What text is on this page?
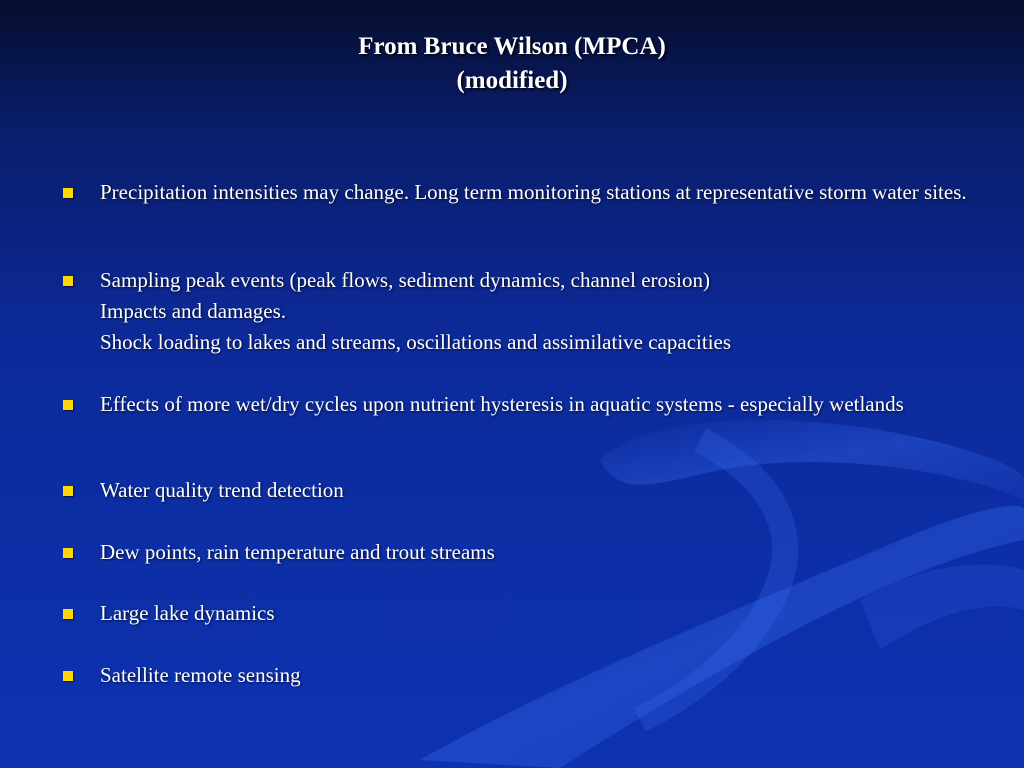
From Bruce Wilson (MPCA)
(modified)
Precipitation intensities may change. Long term monitoring stations at representative storm water sites.
Sampling peak events (peak flows, sediment dynamics, channel erosion)
Impacts and damages.
Shock loading to lakes and streams, oscillations and assimilative capacities
Effects of more wet/dry cycles upon nutrient hysteresis in aquatic systems - especially wetlands
Water quality trend detection
Dew points, rain temperature and trout streams
Large lake dynamics
Satellite remote sensing
